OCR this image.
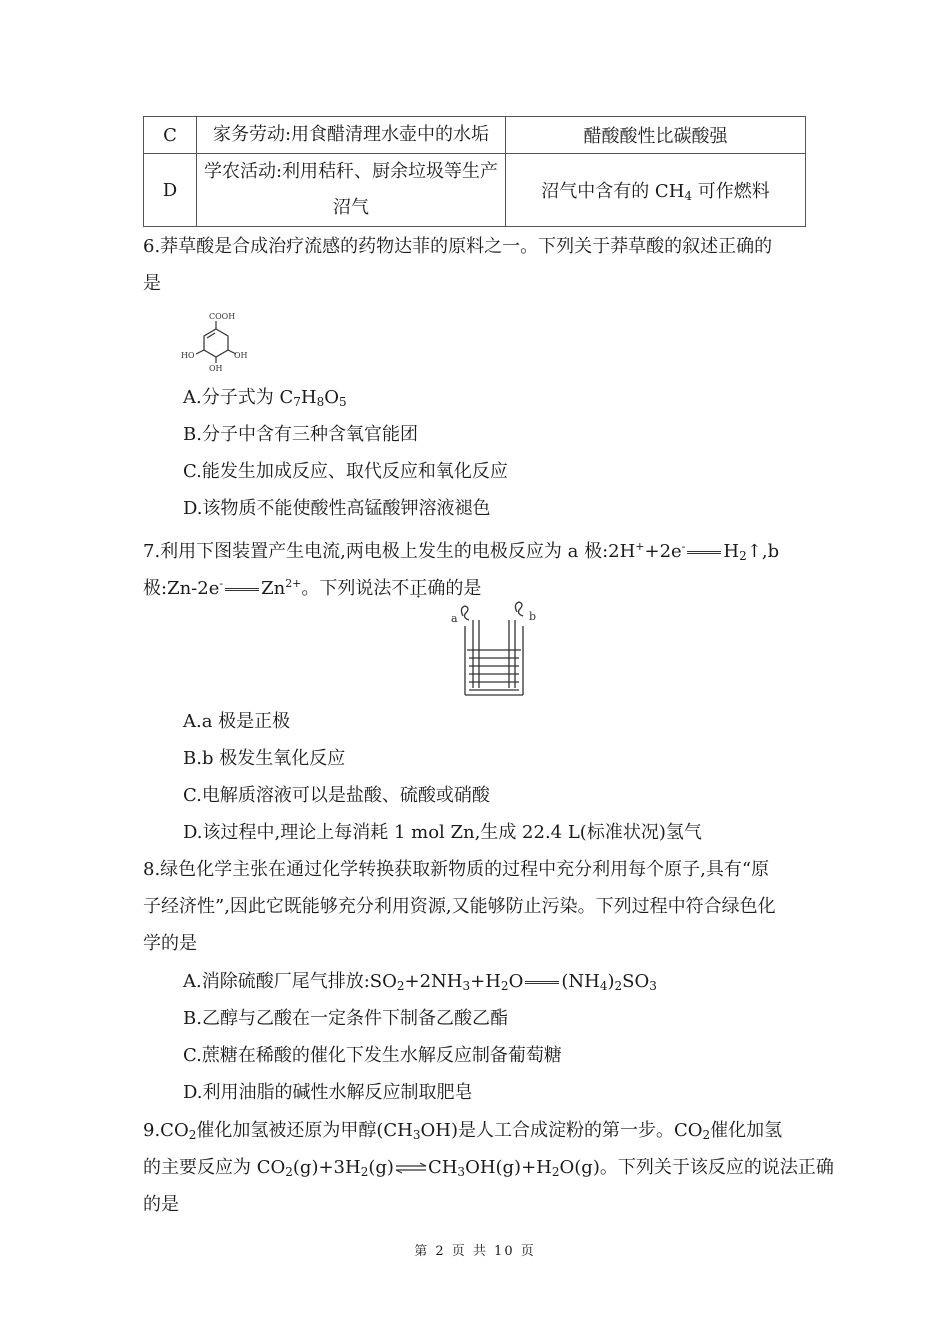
C	家务劳动:用食醋清理水壶中的水垢	醋酸酸性比碳酸强
D	学农活动:利用秸秆、厨余垃圾等生产
沼气	沼气中含有的 $CH_4$ 可作燃料
6.莽草酸是合成治疗流感的药物达菲的原料之一。下列关于莽草酸的叙述正确的
是
COOH
HO	OH
OH
A.分子式为 $C_7H_8O_5$
B.分子中含有三种含氧官能团
C.能发生加成反应、取代反应和氧化反应
D.该物质不能使酸性高锰酸钾溶液褪色
7.利用下图装置产生电流,两电极上发生的电极反应为 a 极:2H++2e- $H_2↑,b$
极:Zn-2e- $Zn^{2+}$。下列说法不正确的是
a	b
A.a 极是正极
B.b 极发生氧化反应
C.电解质溶液可以是盐酸、硫酸或硝酸
D.该过程中,理论上每消耗 1 mol Zn,生成 22.4 L(标准状况)氢气
8.绿色化学主张在通过化学转换获取新物质的过程中充分利用每个原子,具有“原
子经济性”,因此它既能够充分利用资源,又能够防止污染。下列过程中符合绿色化
学的是
A.消除硫酸厂尾气排放$:SO_2+2NH_3+H_2O$ $(NH_4)_2SO_3$
B.乙醇与乙酸在一定条件下制备乙酸乙酯
C.蔗糖在稀酸的催化下发生水解反应制备葡萄糖
D.利用油脂的碱性水解反应制取肥皂
$9.CO_2$催化加氢被还原为甲醇$(CH_3OH)$是人工合成淀粉的第一步。$CO_2$催化加氢
的主要反应为 $CO_2(g)+3H_2(g)\rightleftharpoons CH_3OH(g)+H_2O(g)$。下列关于该反应的说法正确
的是
第 2 页 共 10 页
